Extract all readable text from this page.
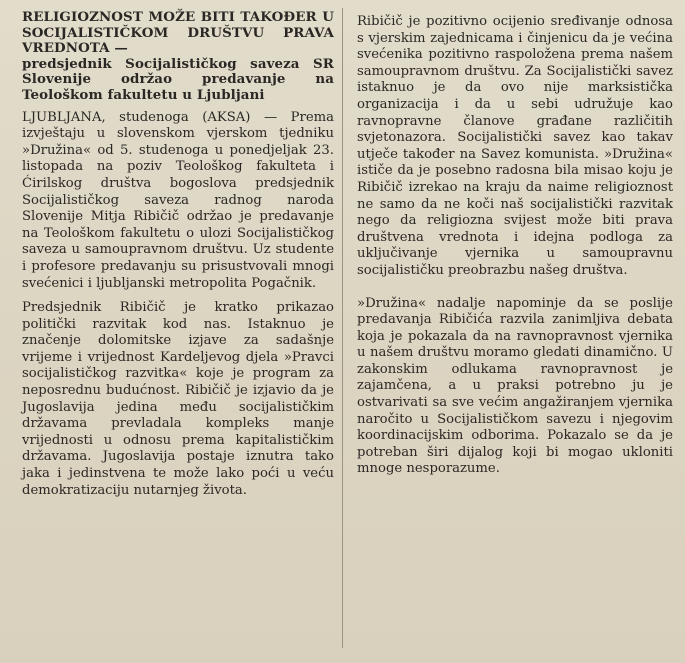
RELIGIOZNOST MOŽE BITI TAKOĐER U SOCIJALISTIČKOM DRUŠTVU PRAVA VREDNOTA —
predsjednik Socijalističkog saveza SR Slovenije održao predavanje na Teološkom fakultetu u Ljubljani

LJUBLJANA, studenoga (AKSA) — Prema izvještaju u slovenskom vjerskom tjedniku »Družina« od 5. studenoga u ponedjeljak 23. listopada na poziv Teološkog fakulteta i Ćirilskog društva bogoslova predsjednik Socijalističkog saveza radnog naroda Slovenije Mitja Ribičič održao je predavanje na Teološkom fakultetu o ulozi Socijalističkog saveza u samoupravnom društvu. Uz studente i profesore predavanju su prisustvovali mnogi svećenici i ljubljanski metropolita Pogačnik.

Predsjednik Ribičič je kratko prikazao politički razvitak kod nas. Istaknuo je značenje dolomitske izjave za sadašnje vrijeme i vrijednost Kardeljevog djela »Pravci socijalističkog razvitka« koje je program za neposrednu budućnost. Ribičič je izjavio da je Jugoslavija jedina među socijalističkim državama prevladala kompleks manje vrijednosti u odnosu prema kapitalističkim državama. Jugoslavija postaje iznutra tako jaka i jedinstvena te može lako poći u veću demokratizaciju nutarnjeg života.

Ribičič je pozitivno ocijenio sređivanje odnosa s vjerskim zajednicama i činjenicu da je većina svećenika pozitivno raspoložena prema našem samoupravnom društvu. Za Socijalistički savez istaknuo je da ovo nije marksistička organizacija i da u sebi udružuje kao ravnopravne članove građane različitih svjetonazora. Socijalistički savez kao takav utječe također na Savez komunista. »Družina« ističe da je posebno radosna bila misao koju je Ribičič izrekao na kraju da naime religioznost ne samo da ne koči naš socijalistički razvitak nego da religiozna svijest može biti prava društvena vrednota i idejna podloga za uključivanje vjernika u samoupravnu socijalističku preobrazbu našeg društva.

»Družina« nadalje napominje da se poslije predavanja Ribičića razvila zanimljiva debata koja je pokazala da na ravnopravnost vjernika u našem društvu moramo gledati dinamično. U zakonskim odlukama ravnopravnost je zajamčena, a u praksi potrebno ju je ostvarivati sa sve većim angažiranjem vjernika naročito u Socijalističkom savezu i njegovim koordinacijskim odborima. Pokazalo se da je potreban širi dijalog koji bi mogao ukloniti mnoge nesporazume.
